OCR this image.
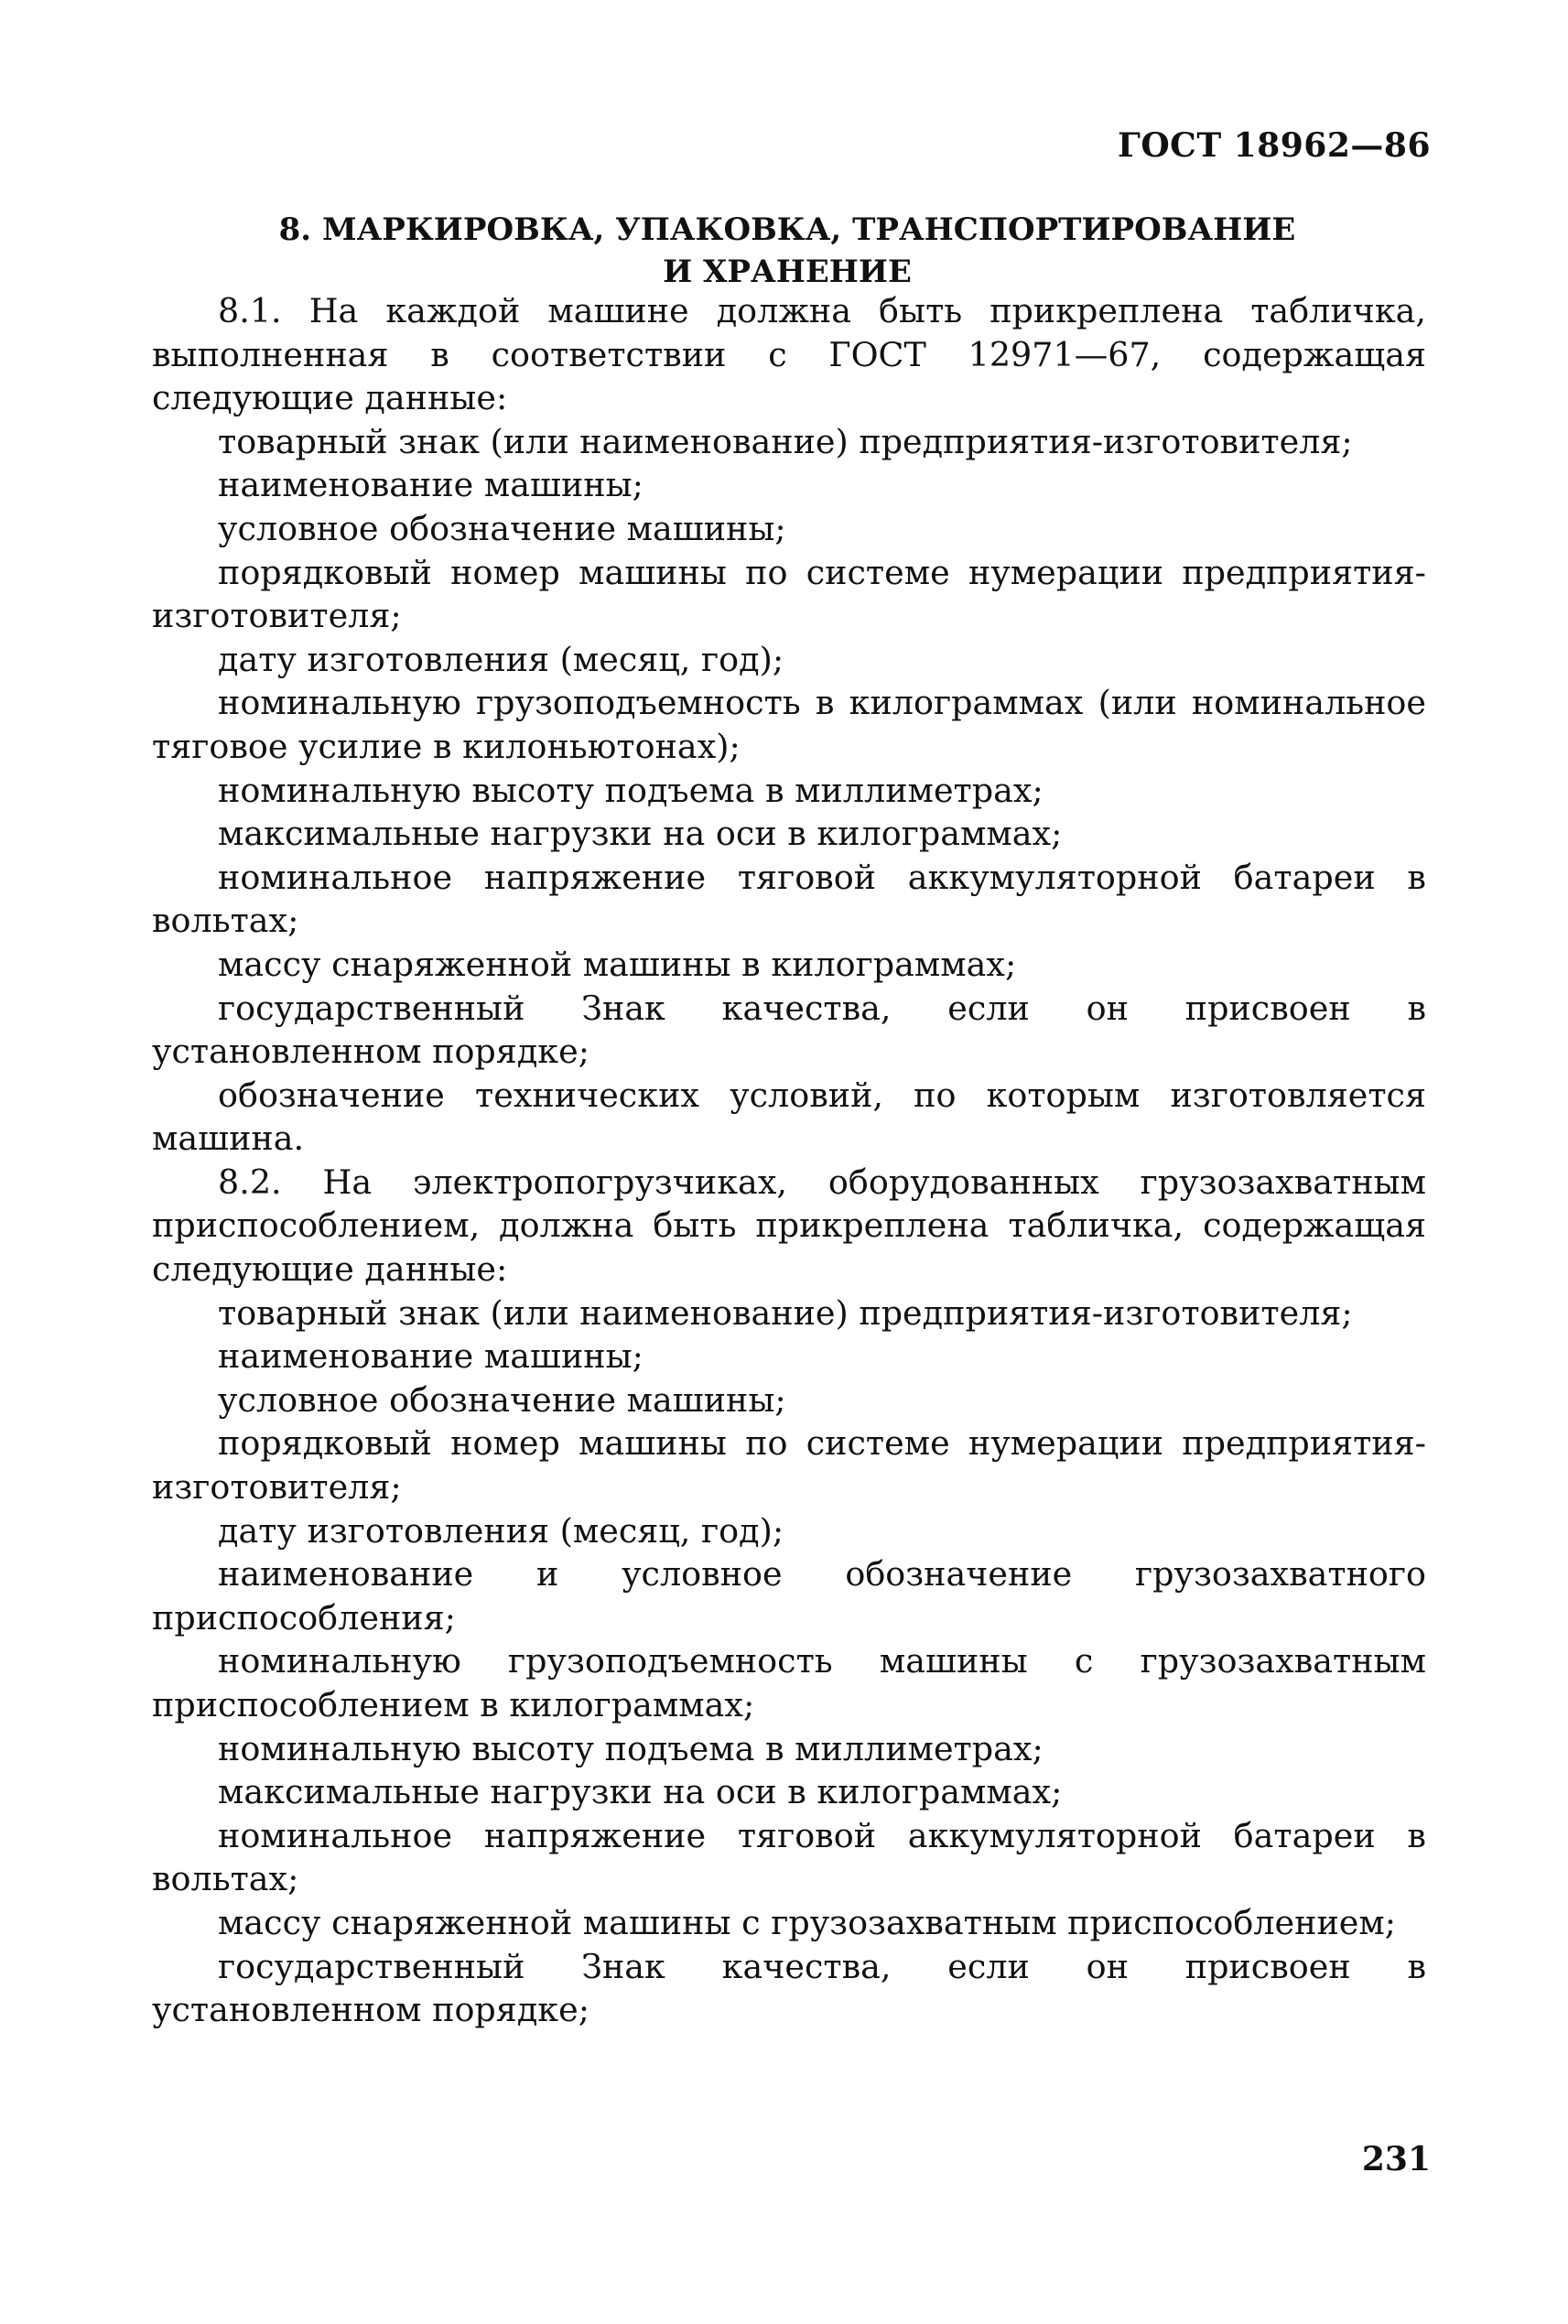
ГОСТ 18962—86
8. МАРКИРОВКА, УПАКОВКА, ТРАНСПОРТИРОВАНИЕ
И ХРАНЕНИЕ

8.1. На каждой машине должна быть прикреплена табличка, выполненная в соответствии с ГОСТ 12971—67, содержащая следующие данные:

товарный знак (или наименование) предприятия-изготовителя;

наименование машины;

условное обозначение машины;

порядковый номер машины по системе нумерации предприятия-изготовителя;

дату изготовления (месяц, год);

номинальную грузоподъемность в килограммах (или номинальное тяговое усилие в килоньютонах);

номинальную высоту подъема в миллиметрах;

максимальные нагрузки на оси в килограммах;

номинальное напряжение тяговой аккумуляторной батареи в вольтах;

массу снаряженной машины в килограммах;

государственный Знак качества, если он присвоен в установленном порядке;

обозначение технических условий, по которым изготовляется машина.

8.2. На электропогрузчиках, оборудованных грузозахватным приспособлением, должна быть прикреплена табличка, содержащая следующие данные:

товарный знак (или наименование) предприятия-изготовителя;

наименование машины;

условное обозначение машины;

порядковый номер машины по системе нумерации предприятия-изготовителя;

дату изготовления (месяц, год);

наименование и условное обозначение грузозахватного приспособления;

номинальную грузоподъемность машины с грузозахватным приспособлением в килограммах;

номинальную высоту подъема в миллиметрах;

максимальные нагрузки на оси в килограммах;

номинальное напряжение тяговой аккумуляторной батареи в вольтах;

массу снаряженной машины с грузозахватным приспособлением;

государственный Знак качества, если он присвоен в установленном порядке;

231
